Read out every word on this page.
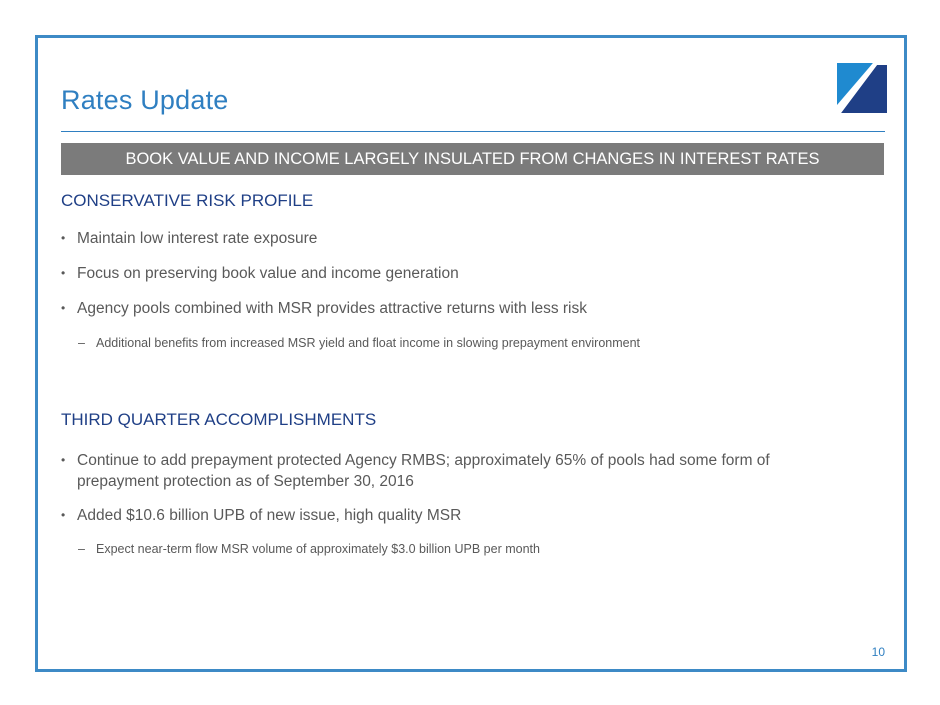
Rates Update
BOOK VALUE AND INCOME LARGELY INSULATED FROM CHANGES IN INTEREST RATES
CONSERVATIVE RISK PROFILE
• Maintain low interest rate exposure
• Focus on preserving book value and income generation
• Agency pools combined with MSR provides attractive returns with less risk
– Additional benefits from increased MSR yield and float income in slowing prepayment environment
THIRD QUARTER ACCOMPLISHMENTS
• Continue to add prepayment protected Agency RMBS; approximately 65% of pools had some form of prepayment protection as of September 30, 2016
• Added $10.6 billion UPB of new issue, high quality MSR
– Expect near-term flow MSR volume of approximately $3.0 billion UPB per month
10
